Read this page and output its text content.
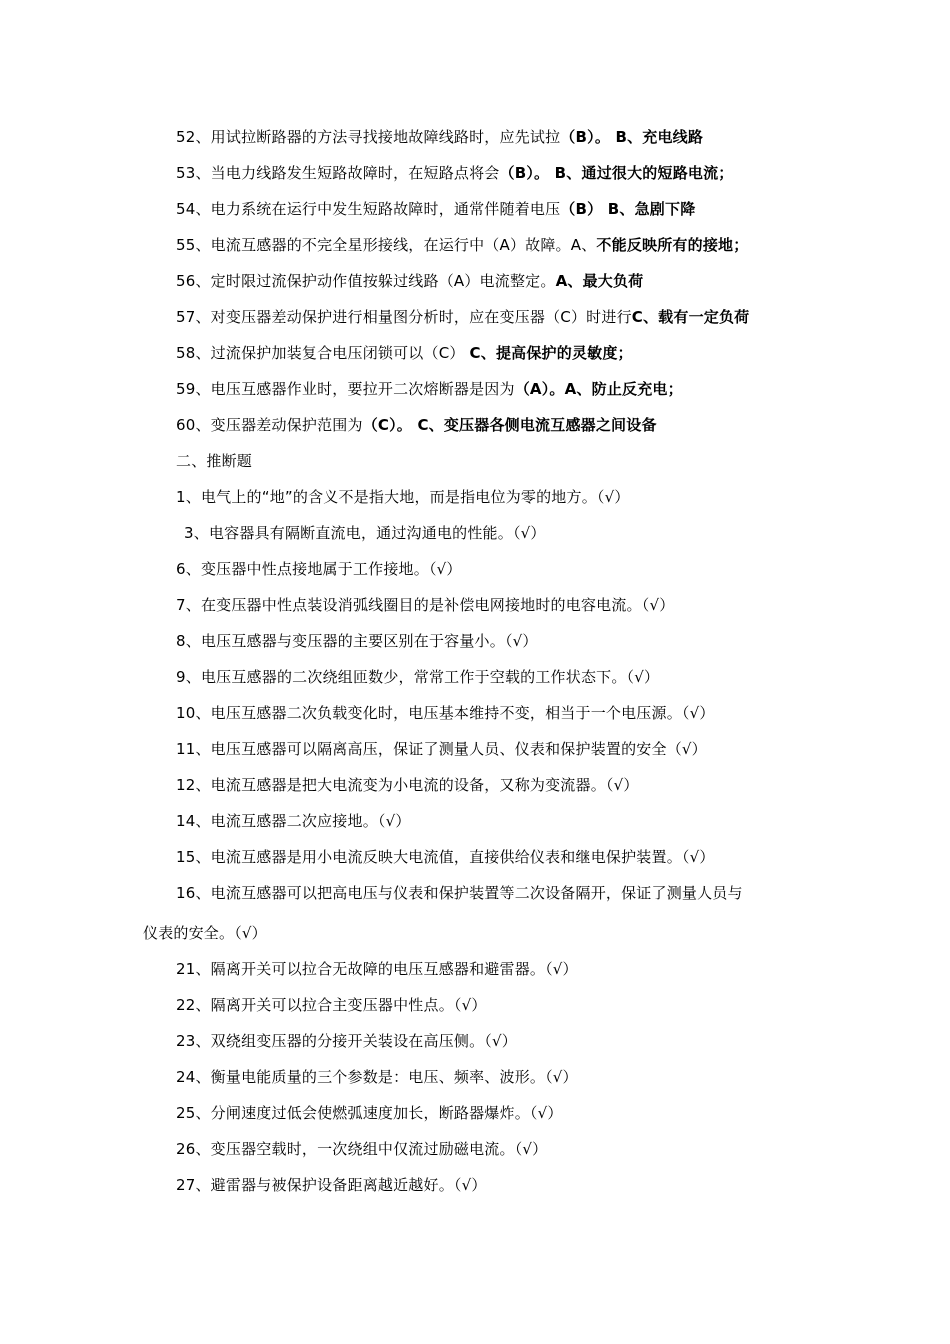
52、用试拉断路器的方法寻找接地故障线路时，应先试拉（B）。 B、充电线路
53、当电力线路发生短路故障时，在短路点将会（B）。 B、通过很大的短路电流；
54、电力系统在运行中发生短路故障时，通常伴随着电压（B） B、急剧下降
55、电流互感器的不完全星形接线，在运行中（A）故障。A、不能反映所有的接地；
56、定时限过流保护动作值按躲过线路（A）电流整定。A、最大负荷
57、对变压器差动保护进行相量图分析时，应在变压器（C）时进行C、载有一定负荷
58、过流保护加装复合电压闭锁可以（C） C、提高保护的灵敏度；
59、电压互感器作业时，要拉开二次熔断器是因为（A）。A、防止反充电；
60、变压器差动保护范围为（C）。 C、变压器各侧电流互感器之间设备
二、推断题
1、电气上的“地”的含义不是指大地，而是指电位为零的地方。（√）
3、电容器具有隔断直流电，通过沟通电的性能。（√）
6、变压器中性点接地属于工作接地。（√）
7、在变压器中性点装设消弧线圈目的是补偿电网接地时的电容电流。（√）
8、电压互感器与变压器的主要区别在于容量小。（√）
9、电压互感器的二次绕组匝数少，常常工作于空载的工作状态下。（√）
10、电压互感器二次负载变化时，电压基本维持不变，相当于一个电压源。（√）
11、电压互感器可以隔离高压，保证了测量人员、仪表和保护装置的安全（√）
12、电流互感器是把大电流变为小电流的设备，又称为变流器。（√）
14、电流互感器二次应接地。（√）
15、电流互感器是用小电流反映大电流值，直接供给仪表和继电保护装置。（√）
16、电流互感器可以把高电压与仪表和保护装置等二次设备隔开，保证了测量人员与
仪表的安全。（√）
21、隔离开关可以拉合无故障的电压互感器和避雷器。（√）
22、隔离开关可以拉合主变压器中性点。（√）
23、双绕组变压器的分接开关装设在高压侧。（√）
24、衡量电能质量的三个参数是：电压、频率、波形。（√）
25、分闸速度过低会使燃弧速度加长，断路器爆炸。（√）
26、变压器空载时，一次绕组中仅流过励磁电流。（√）
27、避雷器与被保护设备距离越近越好。（√）
